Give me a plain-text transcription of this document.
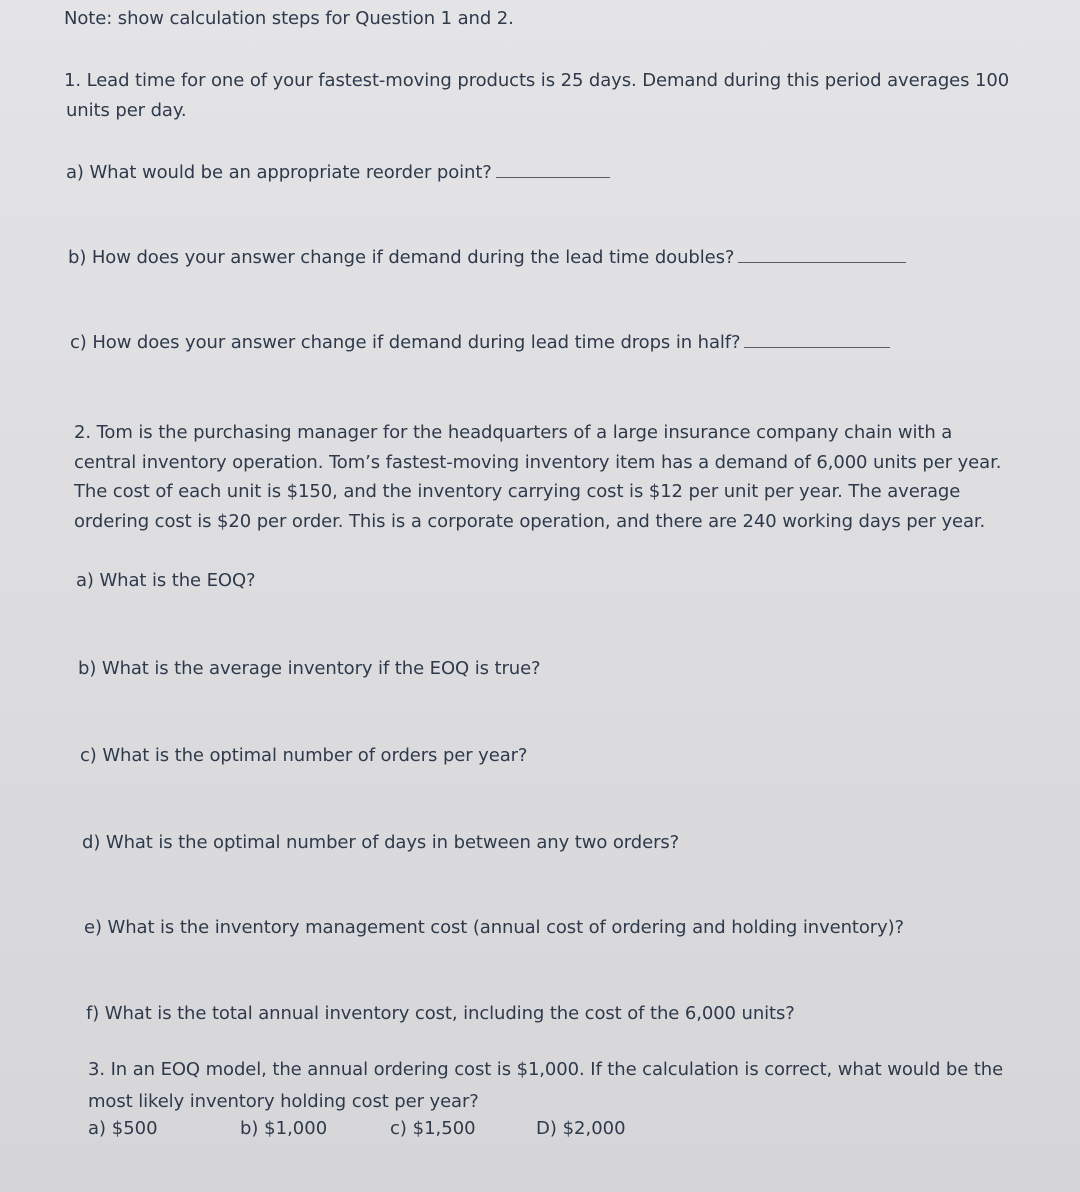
Note: show calculation steps for Question 1 and 2.
1. Lead time for one of your fastest-moving products is 25 days. Demand during this period averages 100
units per day.
a) What would be an appropriate reorder point?
b) How does your answer change if demand during the lead time doubles?
c) How does your answer change if demand during lead time drops in half?
2. Tom is the purchasing manager for the headquarters of a large insurance company chain with a
central inventory operation. Tom’s fastest-moving inventory item has a demand of 6,000 units per year.
The cost of each unit is $150, and the inventory carrying cost is $12 per unit per year. The average
ordering cost is $20 per order. This is a corporate operation, and there are 240 working days per year.
a) What is the EOQ?
b) What is the average inventory if the EOQ is true?
c) What is the optimal number of orders per year?
d) What is the optimal number of days in between any two orders?
e) What is the inventory management cost (annual cost of ordering and holding inventory)?
f) What is the total annual inventory cost, including the cost of the 6,000 units?
3. In an EOQ model, the annual ordering cost is $1,000. If the calculation is correct, what would be the
most likely inventory holding cost per year?
a) $500	b) $1,000	c) $1,500	D) $2,000
